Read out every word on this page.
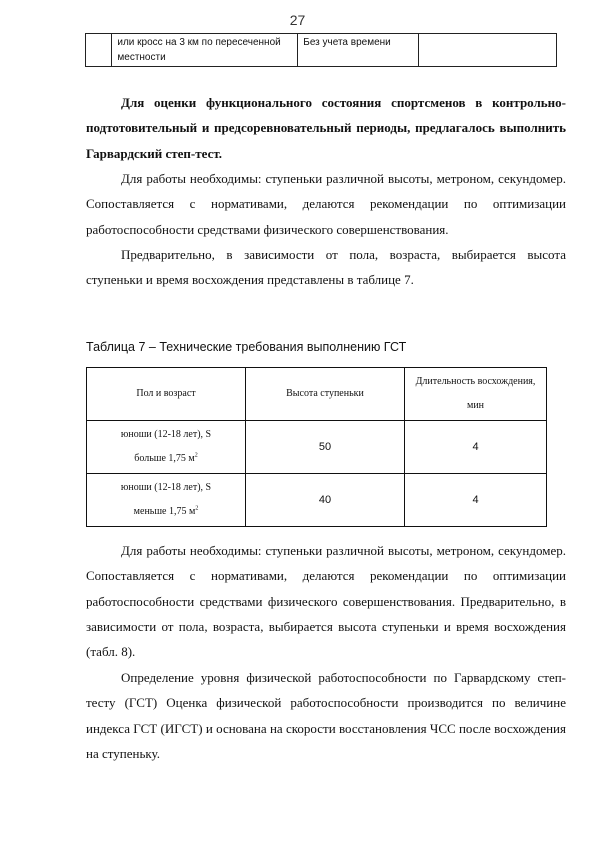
27
	или кросс на 3 км по пересеченной местности	Без учета времени	

Для оценки функционального состояния спортсменов в контрольно-подтотовительный и предсоревновательный периоды, предлагалось выполнить Гарвардский степ-тест.

Для работы необходимы: ступеньки различной высоты, метроном, секундомер. Сопоставляется с нормативами, делаются рекомендации по оптимизации работоспособности средствами физического совершенствования.

Предварительно, в зависимости от пола, возраста, выбирается высота ступеньки и время восхождения представлены в таблице 7.

Таблица 7 – Технические требования выполнению ГСТ

Пол и возраст	Высота ступеньки	Длительность восхождения, мин
юноши (12-18 лет), S
больше 1,75 $м^2$	50	4
юноши (12-18 лет), S
меньше 1,75 $м^2$	40	4

Для работы необходимы: ступеньки различной высоты, метроном, секундомер. Сопоставляется с нормативами, делаются рекомендации по оптимизации работоспособности средствами физического совершенствования. Предварительно, в зависимости от пола, возраста, выбирается высота ступеньки и время восхождения (табл. 8).

Определение уровня физической работоспособности по Гарвардскому степ-тесту (ГСТ) Оценка физической работоспособности производится по величине индекса ГСТ (ИГСТ) и основана на скорости восстановления ЧСС после восхождения на ступеньку.
